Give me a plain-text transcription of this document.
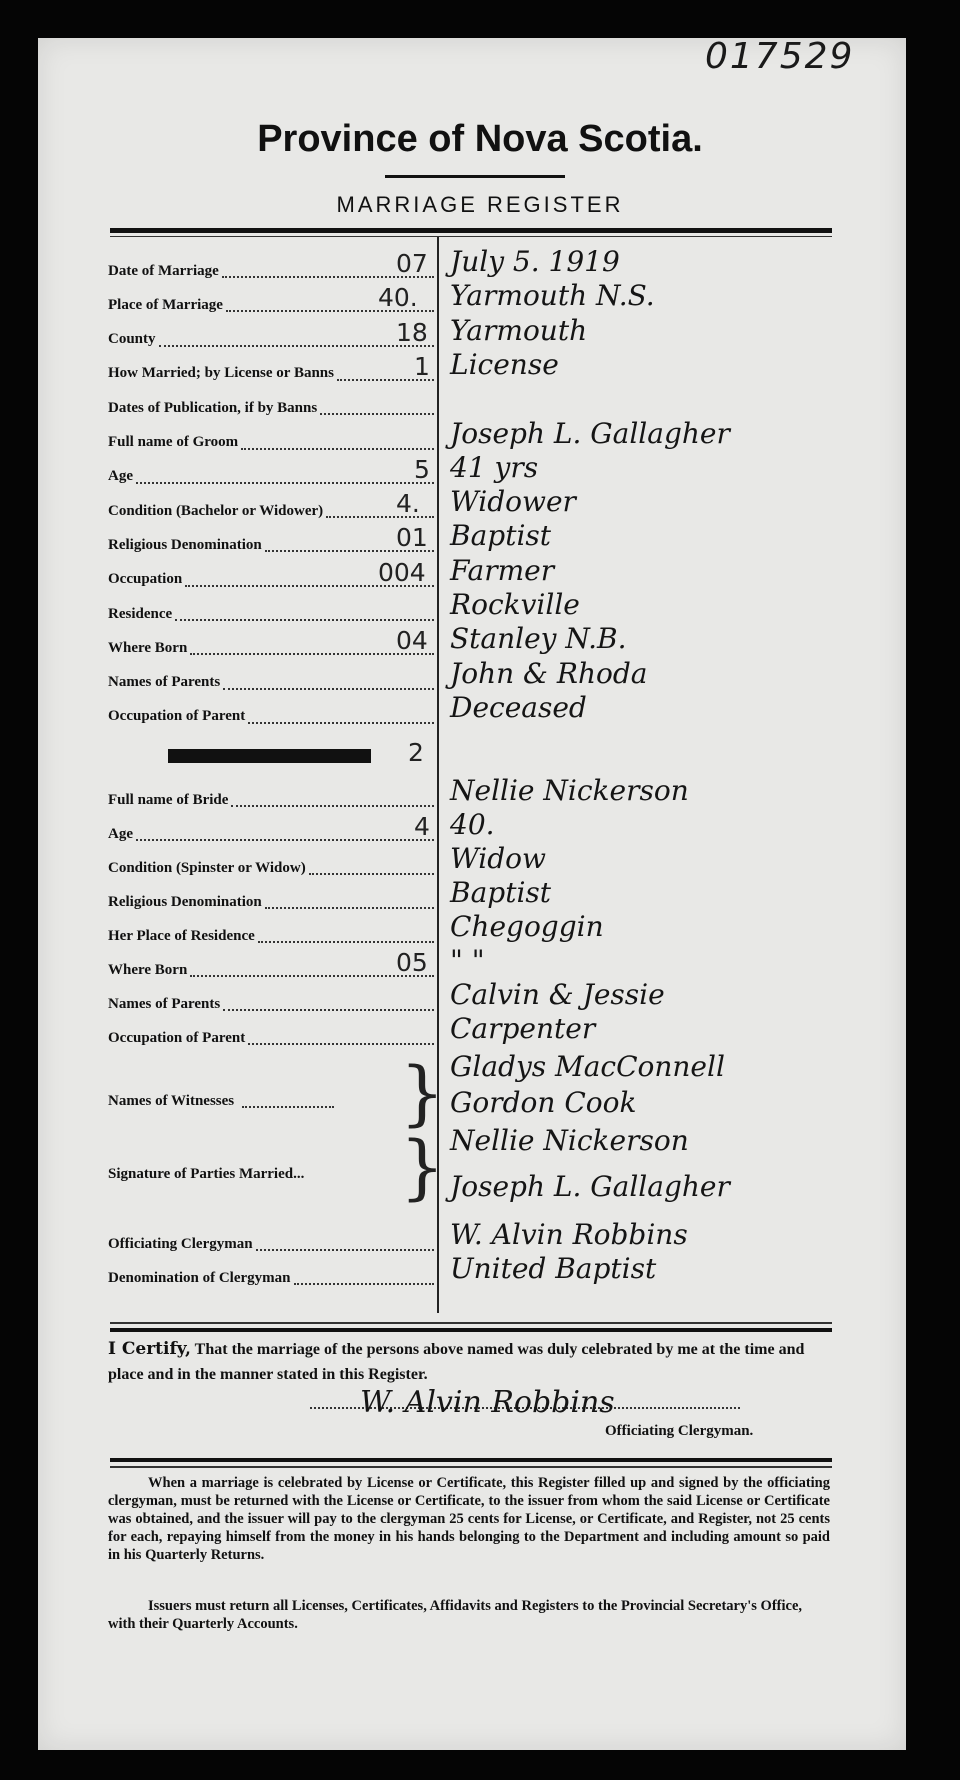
017529
Province of Nova Scotia.
MARRIAGE REGISTER
Date of Marriage	07 July 5. 1919
Place of Marriage	40. Yarmouth N.S.
County	18 Yarmouth
How Married; by License or Banns	1 License
Dates of Publication, if by Banns
Full name of Groom	Joseph L. Gallagher
Age	5 41 yrs
Condition (Bachelor or Widower)	4. Widower
Religious Denomination	01 Baptist
Occupation	004 Farmer
Residence	Rockville
Where Born	04 Stanley N.B.
Names of Parents	John & Rhoda
Occupation of Parent	Deceased
2
Full name of Bride	Nellie Nickerson
Age	4 40.
Condition (Spinster or Widow)	Widow
Religious Denomination	Baptist
Her Place of Residence	Chegoggin
Where Born	05 " "
Names of Parents	Calvin & Jessie
Occupation of Parent	Carpenter
Names of Witnesses } Gladys MacConnell
Gordon Cook
Signature of Parties Married... } Nellie Nickerson
Joseph L. Gallagher
Officiating Clergyman	W. Alvin Robbins
Denomination of Clergyman	United Baptist
I Certify, That the marriage of the persons above named was duly celebrated by me at the time and place and in the manner stated in this Register.
W. Alvin Robbins
Officiating Clergyman.
When a marriage is celebrated by License or Certificate, this Register filled up and signed by the officiating clergyman, must be returned with the License or Certificate, to the issuer from whom the said License or Certificate was obtained, and the issuer will pay to the clergyman 25 cents for License, or Certificate, and Register, not 25 cents for each, repaying himself from the money in his hands belonging to the Department and including amount so paid in his Quarterly Returns.
Issuers must return all Licenses, Certificates, Affidavits and Registers to the Provincial Secretary's Office, with their Quarterly Accounts.
